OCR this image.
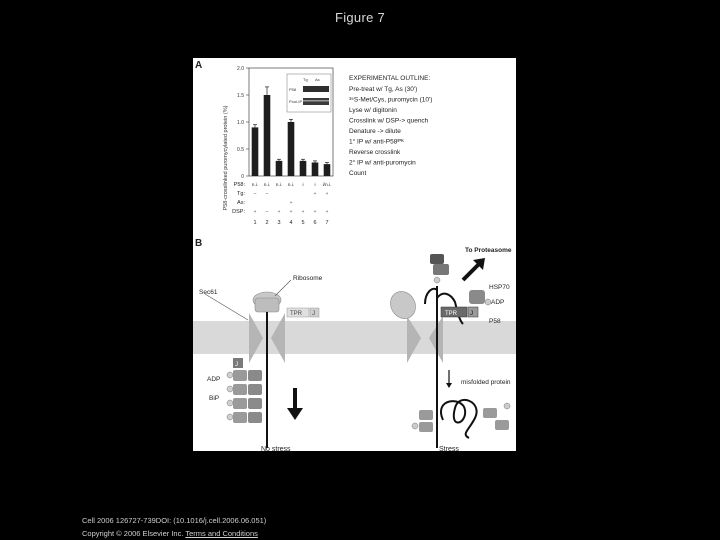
Figure 7
A
P58-crosslinked puromycylated protein (%)
2.0
1.5
1.0
0.5
0
Tg As
P58
Pool-IP
P58: n.i. n.i. n.i. n.i. i i i/n.i.
Tg: – –	+ +
As:	+
DSP: + – + + + + +
1 2 3 4 5 6 7
EXPERIMENTAL OUTLINE:
Pre-treat w/ Tg, As (30')
³⁵S-Met/Cys, puromycin (10')
Lyse w/ digitonin
Crosslink w/ DSP-> quench
Denature -> dilute
1° IP w/ anti-P58ᴵᴾᴷ
Reverse crosslink
2° IP w/ anti-puromycin
Count
B
Sec61
Ribosome
TPR J
J
ADP
BiP
No stress
TPR J
HSP70
ADP
P58
To Proteasome
misfolded protein
Stress
Cell 2006 126727-739DOI: (10.1016/j.cell.2006.06.051)
Copyright © 2006 Elsevier Inc. Terms and Conditions
